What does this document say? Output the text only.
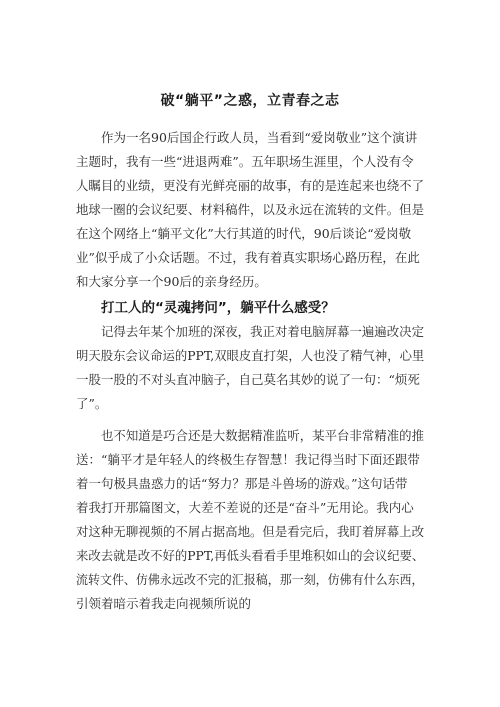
破“躺平”之惑，立青春之志
作为一名90后国企行政人员，当看到“爱岗敬业”这个演讲
主题时，我有一些“进退两难”。五年职场生涯里，个人没有令
人瞩目的业绩，更没有光鲜亮丽的故事，有的是连起来也绕不了
地球一圈的会议纪要、材料稿件，以及永远在流转的文件。但是
在这个网络上“躺平文化”大行其道的时代，90后谈论“爱岗敬
业”似乎成了小众话题。不过，我有着真实职场心路历程，在此
和大家分享一个90后的亲身经历。
打工人的“灵魂拷问”，躺平什么感受？
记得去年某个加班的深夜，我正对着电脑屏幕一遍遍改决定
明天股东会议命运的PPT,双眼皮直打架，人也没了精气神，心里
一股一股的不对头直冲脑子，自己莫名其妙的说了一句：“烦死
了”。
也不知道是巧合还是大数据精准监听，某平台非常精准的推
送：“躺平才是年轻人的终极生存智慧！我记得当时下面还跟带
着一句极具蛊惑力的话“努力？那是斗兽场的游戏。”这句话带
着我打开那篇图文，大差不差说的还是“奋斗”无用论。我内心
对这种无聊视频的不屑占据高地。但是看完后，我盯着屏幕上改
来改去就是改不好的PPT,再低头看看手里堆积如山的会议纪要、
流转文件、仿佛永远改不完的汇报稿，那一刻，仿佛有什么东西，
引领着暗示着我走向视频所说的
